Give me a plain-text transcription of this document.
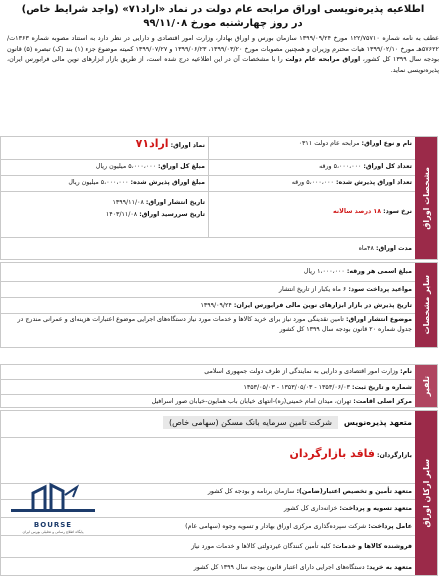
اطلاعیه پذیره‌نویسی اوراق مرابحه عام دولت در نماد «اراد۷۱» (واجد شرایط خاص)
در روز چهارشنبه مورخ ۹۹/۱۱/۰۸
عطف به نامه شماره ۱۲۲/۷۵۷۱۰ مورخ ۱۳۹۹/۰۹/۲۴ سازمان بورس و اوراق بهادار، وزارت امور اقتصادی و دارایی در نظر دارد به استناد مصوبه شماره ۱۳۶۳ت/۵۷۶۲۲هـ مورخ ۱۳۹۹/۰۲/۱۰ هیات محترم وزیران و همچنین مصوبات مورخ ۱۳۹۹/۰۳/۲۰، ۱۳۹۹/۰۶/۲۳ و ۱۳۹۹/۰۷/۲۷ کمیته موضوع جزء (۱) بند (ک) تبصره (۵) قانون بودجه سال ۱۳۹۹ کل کشور، اوراق مرابحه عام دولت را با مشخصات آن در این اطلاعیه درج شده است، از طریق بازار ابزارهای نوین مالی فرابورس ایران، پذیره‌نویسی نماید.
مشخصات اوراق
نام و نوع اوراق: مرابحه عام دولت ۰۳۱۱
نماد اوراق: اراد۷۱
تعداد کل اوراق: ۵،۰۰۰،۰۰۰ ورقه
مبلغ کل اوراق: ۵،۰۰۰،۰۰۰ میلیون ریال
تعداد اوراق پذیرش شده: ۵،۰۰۰،۰۰۰ ورقه
مبلغ اوراق پذیرش شده: ۵،۰۰۰،۰۰۰ میلیون ریال
نرخ سود: ۱۸ درصد سالانه
تاریخ انتشار اوراق: ۱۳۹۹/۱۱/۰۸
تاریخ سررسید اوراق: ۱۴۰۳/۱۱/۰۸
مدت اوراق: ۴۸ماه
سایر مشخصات
مبلغ اسمی هر ورقه: ۱،۰۰۰،۰۰۰ ریال
مواعید پرداخت سود: ۶ ماه یکبار از تاریخ انتشار
تاریخ پذیرش در بازار ابزارهای نوین مالی فرابورس ایران: ۱۳۹۹/۰۹/۲۴
موضوع انتشار اوراق: تامین نقدینگی مورد نیاز برای خرید کالاها و خدمات مورد نیاز دستگاه‌های اجرایی موضوع اعتبارات هزینه‌ای و عمرانی مندرج در جدول شماره ۲۰ قانون بودجه سال ۱۳۹۹ کل کشور
تلفیر
نام: وزارت امور اقتصادی و دارایی به نمایندگی از طرف دولت جمهوری اسلامی
شماره و تاریخ ثبت: ۱۳۵۳/۰۶/۰۳ - ۱۳۵۳/۰۵/۰۳ - ۱۳۵۳/۰۵/۰۳
مرکز اصلی اقامت: تهران، میدان امام خمینی(ره)-انتهای خیابان باب همایون-خیابان صور اسرافیل
سایر ارکان اوراق
متعهد پذیره‌نویس شرکت تامین سرمایه بانک مسکن (سهامی خاص)
بازارگردان: فاقد بازارگردان
متعهد تأمین و تخصیص اعتبار(ضامن): سازمان برنامه و بودجه کل کشور
متعهد تسویه و پرداخت: خزانه‌داری کل کشور
عامل پرداخت: شرکت سپرده‌گذاری مرکزی اوراق بهادار و تسویه وجوه (سهامی عام)
فروشنده کالاها و خدمات: کلیه تأمین کنندگان غیردولتی کالاها و خدمات مورد نیاز
متعهد به خرید: دستگاه‌های اجرایی دارای اعتبار قانون بودجه سال ۱۳۹۹ کل کشور
BOURSE
پایگاه اطلاع رسانی و تحلیلی بورس ایران
